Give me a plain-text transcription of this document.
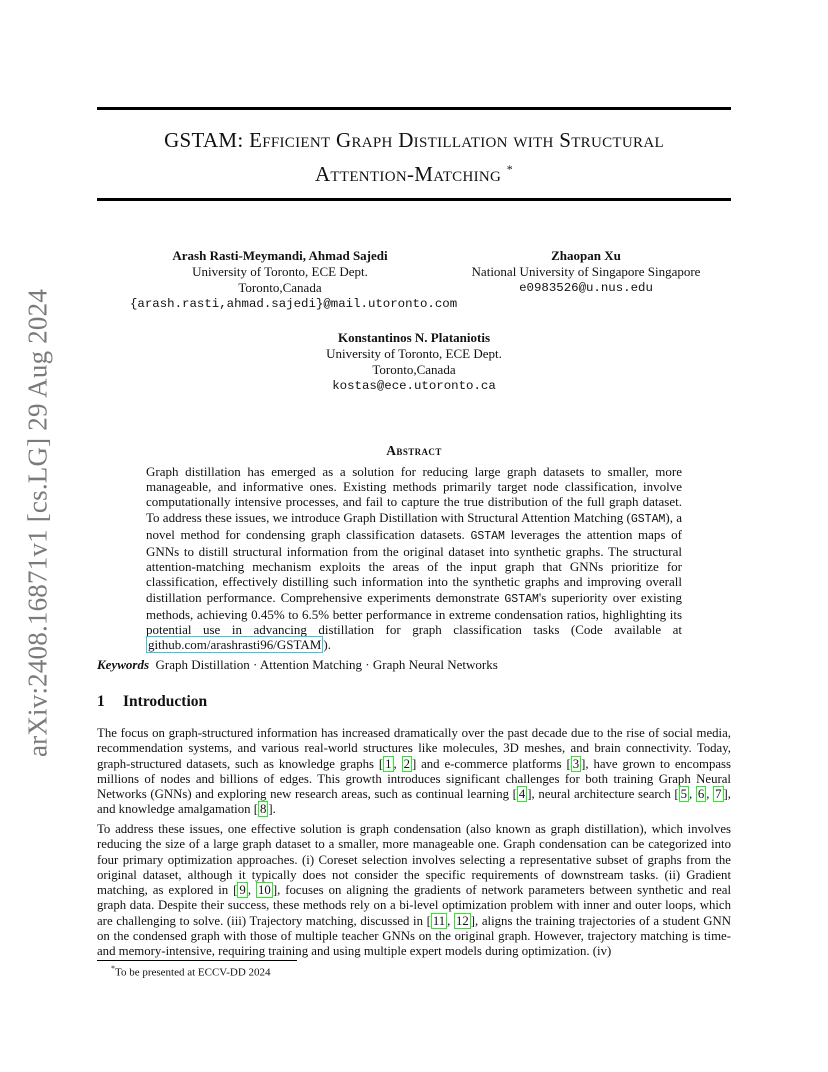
arXiv:2408.16871v1 [cs.LG] 29 Aug 2024
GSTAM: Efficient Graph Distillation with Structural
Attention-Matching *
Arash Rasti-Meymandi, Ahmad Sajedi
University of Toronto, ECE Dept.
Toronto,Canada
{arash.rasti,ahmad.sajedi}@mail.utoronto.com
Zhaopan Xu
National University of Singapore Singapore
e0983526@u.nus.edu
Konstantinos N. Plataniotis
University of Toronto, ECE Dept.
Toronto,Canada
kostas@ece.utoronto.ca
Abstract
Graph distillation has emerged as a solution for reducing large graph datasets to smaller, more manageable, and informative ones. Existing methods primarily target node classification, involve computationally intensive processes, and fail to capture the true distribution of the full graph dataset. To address these issues, we introduce Graph Distillation with Structural Attention Matching (GSTAM), a novel method for condensing graph classification datasets. GSTAM leverages the attention maps of GNNs to distill structural information from the original dataset into synthetic graphs. The structural attention-matching mechanism exploits the areas of the input graph that GNNs prioritize for classification, effectively distilling such information into the synthetic graphs and improving overall distillation performance. Comprehensive experiments demonstrate GSTAM's superiority over existing methods, achieving 0.45% to 6.5% better performance in extreme condensation ratios, highlighting its potential use in advancing distillation for graph classification tasks (Code available at github.com/arashrasti96/GSTAM ).
Keywords Graph Distillation · Attention Matching · Graph Neural Networks
1 Introduction

The focus on graph-structured information has increased dramatically over the past decade due to the rise of social media, recommendation systems, and various real-world structures like molecules, 3D meshes, and brain connectivity. Today, graph-structured datasets, such as knowledge graphs [ 1 , 2 ] and e-commerce platforms [ 3 ], have grown to encompass millions of nodes and billions of edges. This growth introduces significant challenges for both training Graph Neural Networks (GNNs) and exploring new research areas, such as continual learning [ 4 ], neural architecture search [ 5 , 6 , 7 ], and knowledge amalgamation [ 8 ].

To address these issues, one effective solution is graph condensation (also known as graph distillation), which involves reducing the size of a large graph dataset to a smaller, more manageable one. Graph condensation can be categorized into four primary optimization approaches. (i) Coreset selection involves selecting a representative subset of graphs from the original dataset, although it typically does not consider the specific requirements of downstream tasks. (ii) Gradient matching, as explored in [ 9 , 10 ], focuses on aligning the gradients of network parameters between synthetic and real graph data. Despite their success, these methods rely on a bi-level optimization problem with inner and outer loops, which are challenging to solve. (iii) Trajectory matching, discussed in [ 11 , 12 ], aligns the training trajectories of a student GNN on the condensed graph with those of multiple teacher GNNs on the original graph. However, trajectory matching is time- and memory-intensive, requiring training and using multiple expert models during optimization. (iv)

*To be presented at ECCV-DD 2024
